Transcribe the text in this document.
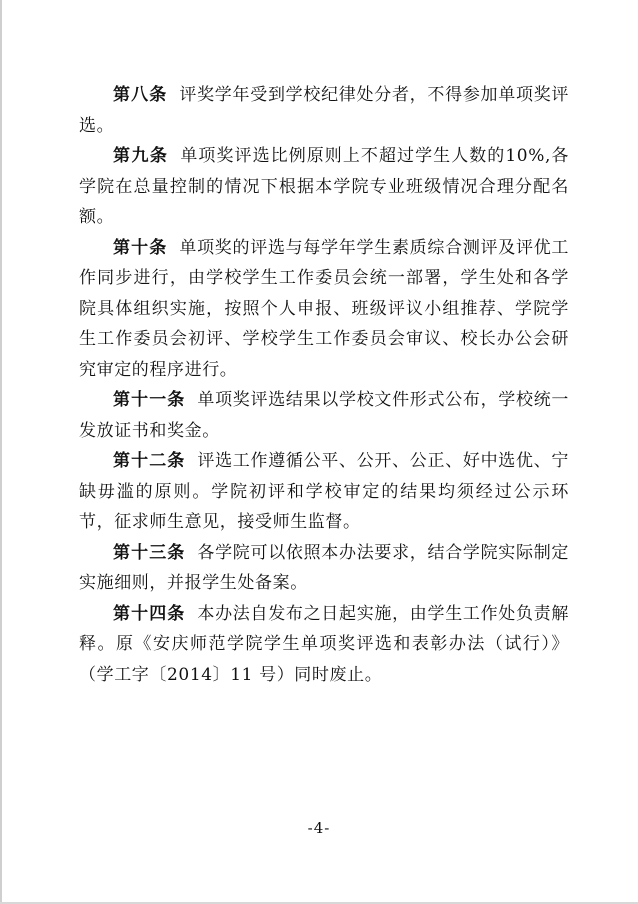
第八条 评奖学年受到学校纪律处分者，不得参加单项奖评选。

第九条 单项奖评选比例原则上不超过学生人数的10%,各学院在总量控制的情况下根据本学院专业班级情况合理分配名额。

第十条 单项奖的评选与每学年学生素质综合测评及评优工作同步进行，由学校学生工作委员会统一部署，学生处和各学院具体组织实施，按照个人申报、班级评议小组推荐、学院学生工作委员会初评、学校学生工作委员会审议、校长办公会研究审定的程序进行。

第十一条 单项奖评选结果以学校文件形式公布，学校统一发放证书和奖金。

第十二条 评选工作遵循公平、公开、公正、好中选优、宁缺毋滥的原则。学院初评和学校审定的结果均须经过公示环节，征求师生意见，接受师生监督。

第十三条 各学院可以依照本办法要求，结合学院实际制定实施细则，并报学生处备案。

第十四条 本办法自发布之日起实施，由学生工作处负责解释。原《安庆师范学院学生单项奖评选和表彰办法（试行）》（学工字〔2014〕11 号）同时废止。

-4-
